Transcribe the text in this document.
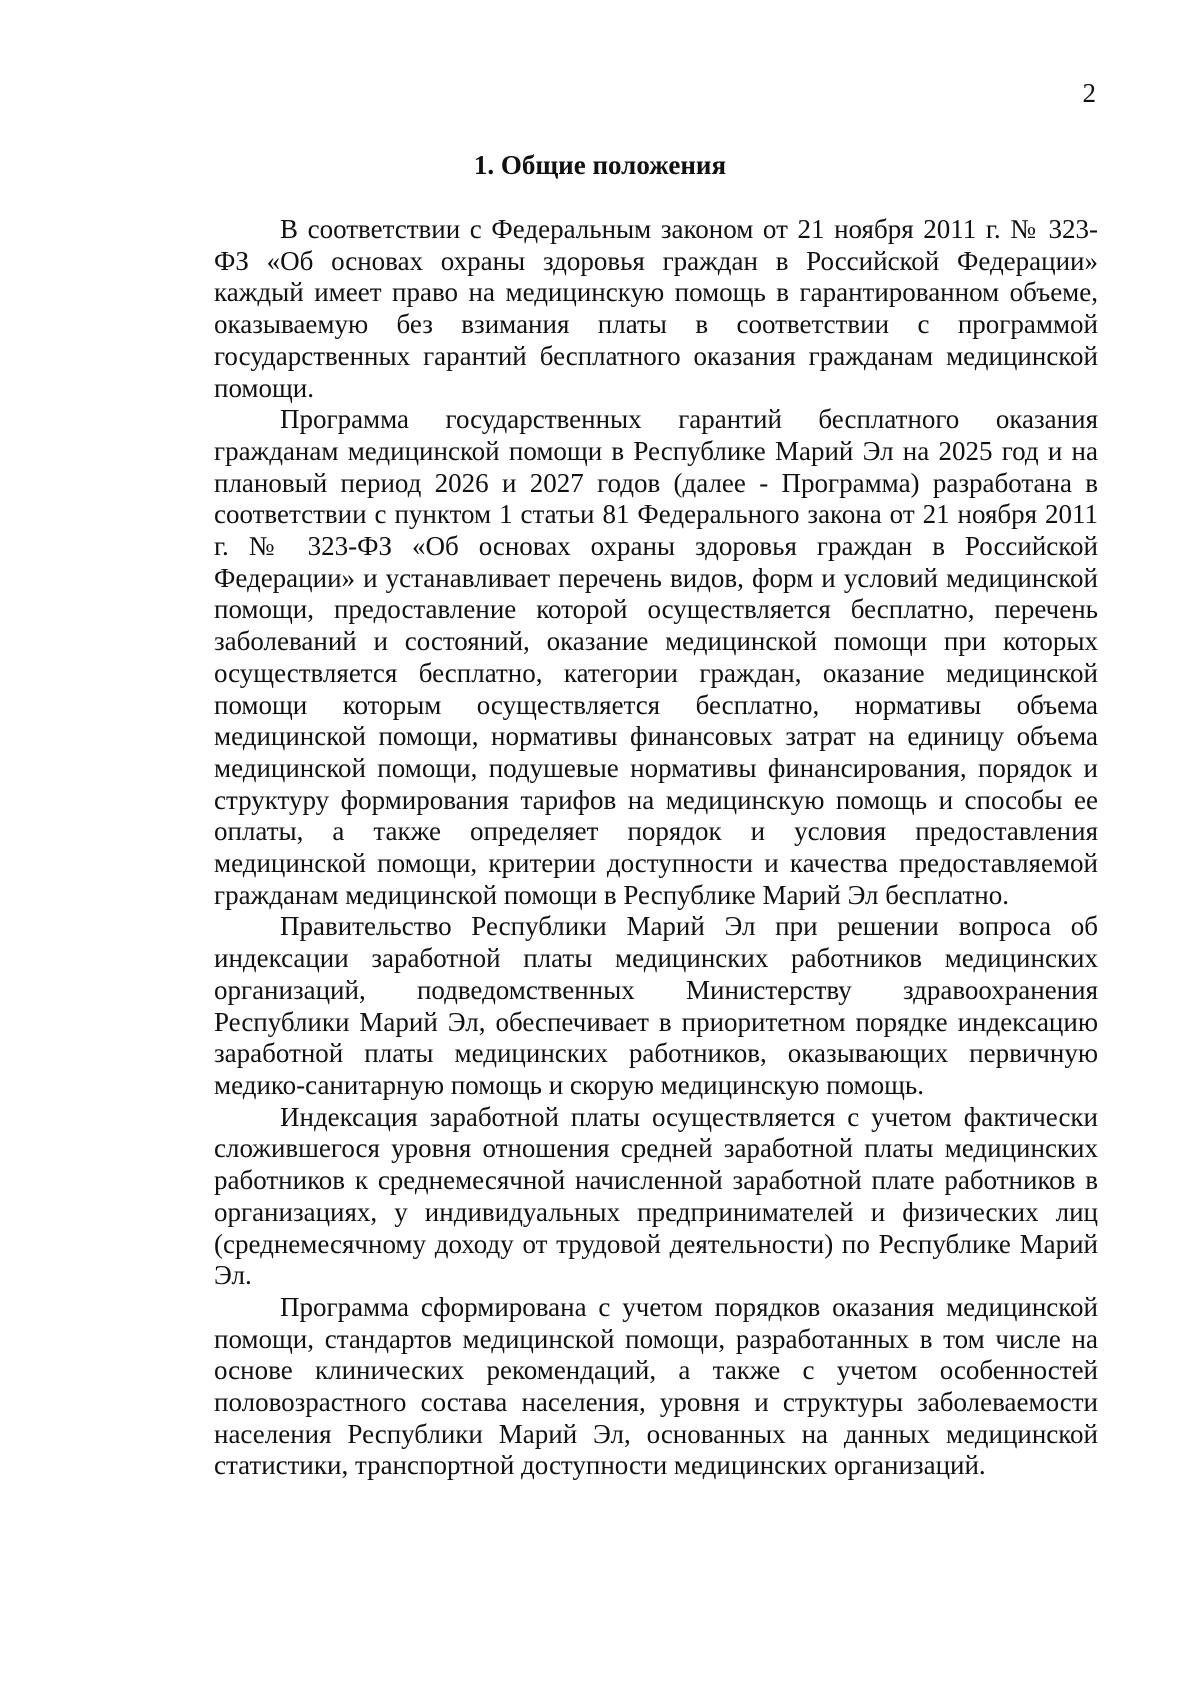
2
1. Общие положения

В соответствии с Федеральным законом от 21 ноября 2011 г. № 323-ФЗ «Об основах охраны здоровья граждан в Российской Федерации» каждый имеет право на медицинскую помощь в гарантированном объеме, оказываемую без взимания платы в соответствии с программой государственных гарантий бесплатного оказания гражданам медицинской помощи.

Программа государственных гарантий бесплатного оказания гражданам медицинской помощи в Республике Марий Эл на 2025 год и на плановый период 2026 и 2027 годов (далее - Программа) разработана в соответствии с пунктом 1 статьи 81 Федерального закона от 21 ноября 2011 г. № 323-ФЗ «Об основах охраны здоровья граждан в Российской Федерации» и устанавливает перечень видов, форм и условий медицинской помощи, предоставление которой осуществляется бесплатно, перечень заболеваний и состояний, оказание медицинской помощи при которых осуществляется бесплатно, категории граждан, оказание медицинской помощи которым осуществляется бесплатно, нормативы объема медицинской помощи, нормативы финансовых затрат на единицу объема медицинской помощи, подушевые нормативы финансирования, порядок и структуру формирования тарифов на медицинскую помощь и способы ее оплаты, а также определяет порядок и условия предоставления медицинской помощи, критерии доступности и качества предоставляемой гражданам медицинской помощи в Республике Марий Эл бесплатно.

Правительство Республики Марий Эл при решении вопроса об индексации заработной платы медицинских работников медицинских организаций, подведомственных Министерству здравоохранения Республики Марий Эл, обеспечивает в приоритетном порядке индексацию заработной платы медицинских работников, оказывающих первичную медико-санитарную помощь и скорую медицинскую помощь.

Индексация заработной платы осуществляется с учетом фактически сложившегося уровня отношения средней заработной платы медицинских работников к среднемесячной начисленной заработной плате работников в организациях, у индивидуальных предпринимателей и физических лиц (среднемесячному доходу от трудовой деятельности) по Республике Марий Эл.

Программа сформирована с учетом порядков оказания медицинской помощи, стандартов медицинской помощи, разработанных в том числе на основе клинических рекомендаций, а также с учетом особенностей половозрастного состава населения, уровня и структуры заболеваемости населения Республики Марий Эл, основанных на данных медицинской статистики, транспортной доступности медицинских организаций.
